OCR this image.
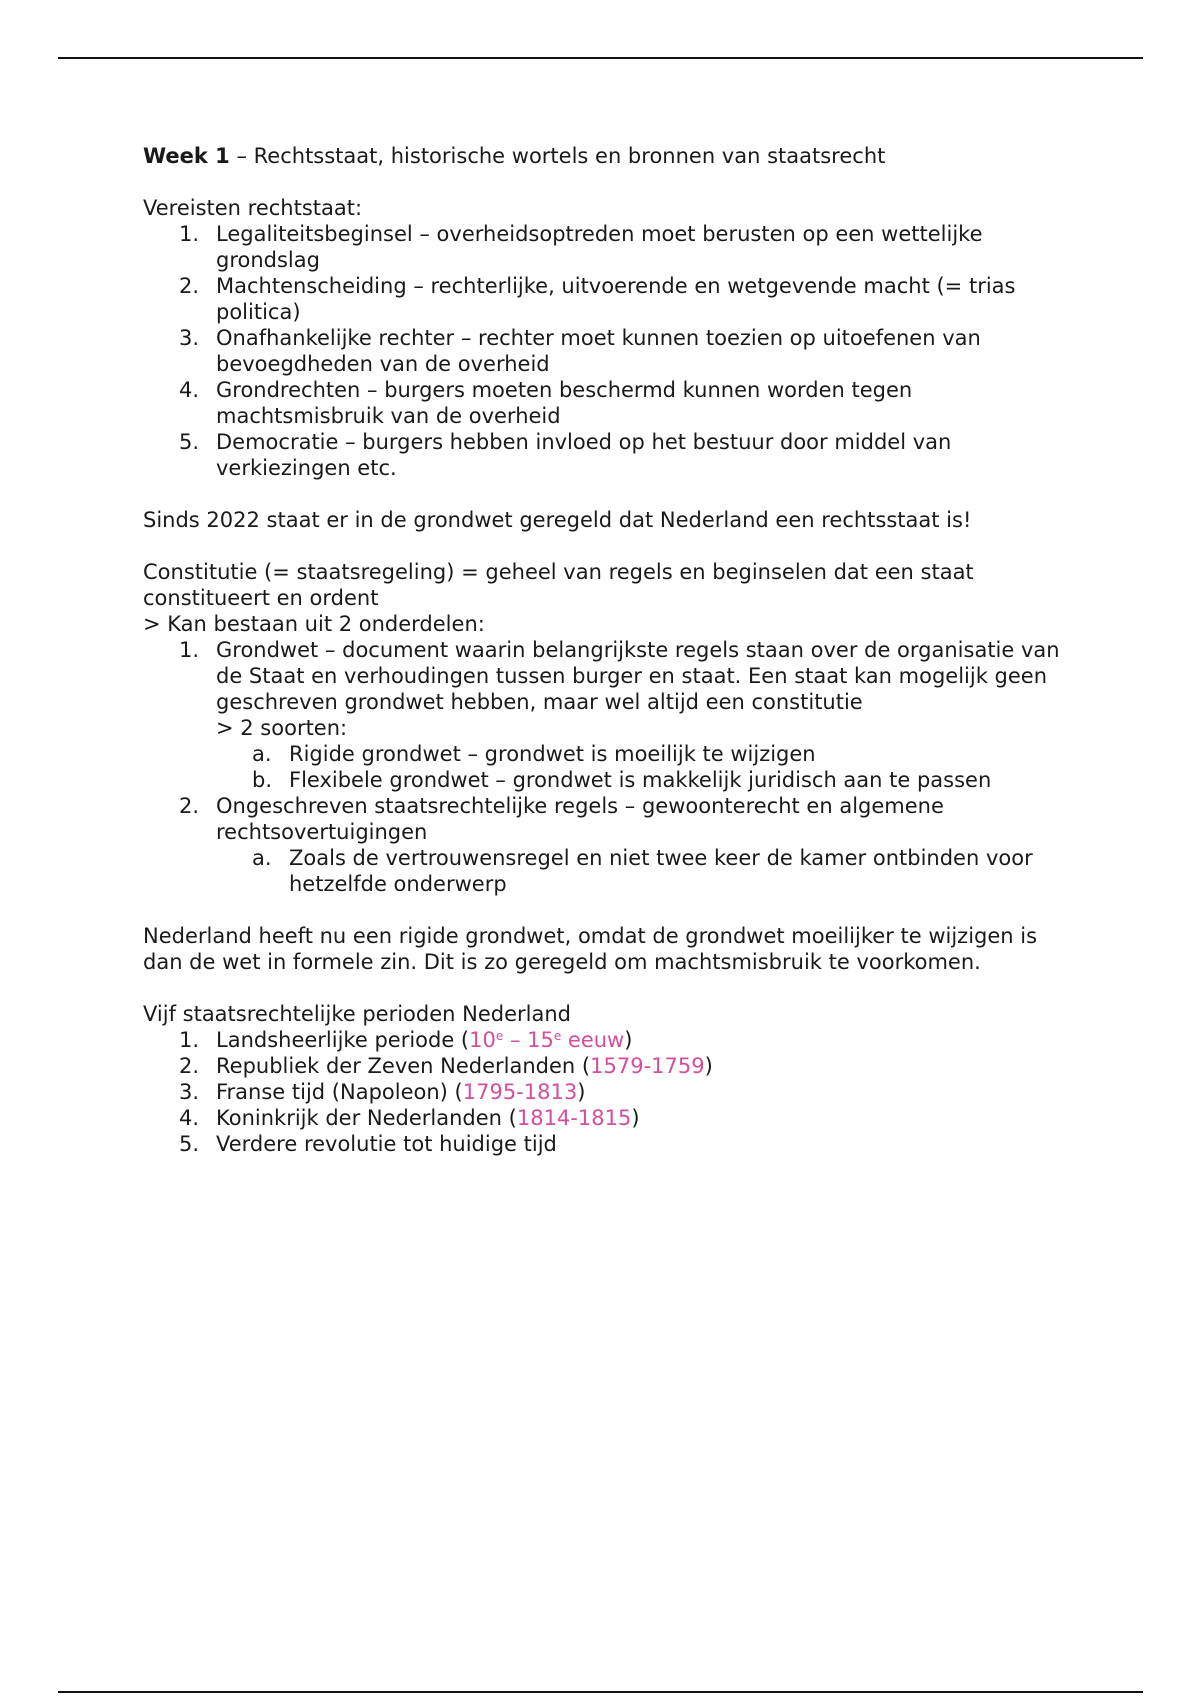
Week 1 – Rechtsstaat, historische wortels en bronnen van staatsrecht

Vereisten rechtstaat:

1. Legaliteitsbeginsel – overheidsoptreden moet berusten op een wettelijke grondslag
2. Machtenscheiding – rechterlijke, uitvoerende en wetgevende macht (= trias politica)
3. Onafhankelijke rechter – rechter moet kunnen toezien op uitoefenen van bevoegdheden van de overheid
4. Grondrechten – burgers moeten beschermd kunnen worden tegen machtsmisbruik van de overheid
5. Democratie – burgers hebben invloed op het bestuur door middel van verkiezingen etc.

Sinds 2022 staat er in de grondwet geregeld dat Nederland een rechtsstaat is!

Constitutie (= staatsregeling) = geheel van regels en beginselen dat een staat constitueert en ordent

> Kan bestaan uit 2 onderdelen:

1. Grondwet – document waarin belangrijkste regels staan over de organisatie van de Staat en verhoudingen tussen burger en staat. Een staat kan mogelijk geen geschreven grondwet hebben, maar wel altijd een constitutie
> 2 soorten:
a. Rigide grondwet – grondwet is moeilijk te wijzigen
b. Flexibele grondwet – grondwet is makkelijk juridisch aan te passen
2. Ongeschreven staatsrechtelijke regels – gewoonterecht en algemene rechtsovertuigingen
a. Zoals de vertrouwensregel en niet twee keer de kamer ontbinden voor hetzelfde onderwerp

Nederland heeft nu een rigide grondwet, omdat de grondwet moeilijker te wijzigen is dan de wet in formele zin. Dit is zo geregeld om machtsmisbruik te voorkomen.

Vijf staatsrechtelijke perioden Nederland

1. Landsheerlijke periode (10e – 15e eeuw)
2. Republiek der Zeven Nederlanden (1579-1759)
3. Franse tijd (Napoleon) (1795-1813)
4. Koninkrijk der Nederlanden (1814-1815)
5. Verdere revolutie tot huidige tijd
